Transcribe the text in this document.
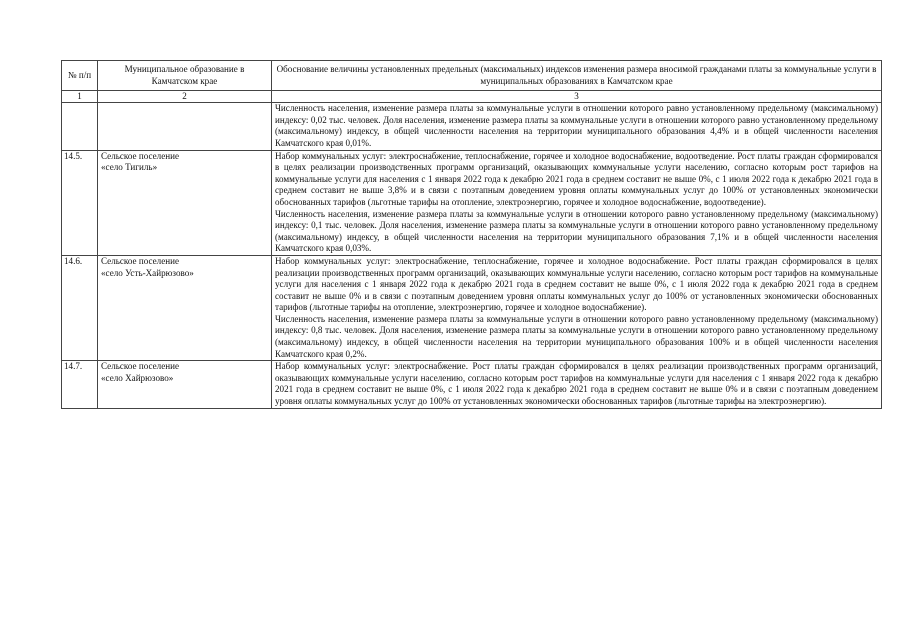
№ п/п	Муниципальное образование в Камчатском крае	Обоснование величины установленных предельных (максимальных) индексов изменения размера вносимой гражданами платы за коммунальные услуги в муниципальных образованиях в Камчатском крае
1	2	3

		Численность населения, изменение размера платы за коммунальные услуги в отношении которого равно установленному предельному (максимальному) индексу: 0,02 тыс. человек. Доля населения, изменение размера платы за коммунальные услуги в отношении которого равно установленному предельному (максимальному) индексу, в общей численности населения на территории муниципального образования 4,4% и в общей численности населения Камчатского края 0,01%.

14.5.	Сельское поселение
«село Тигиль»	Набор коммунальных услуг: электроснабжение, теплоснабжение, горячее и холодное водоснабжение, водоотведение. Рост платы граждан сформировался в целях реализации производственных программ организаций, оказывающих коммунальные услуги населению, согласно которым рост тарифов на коммунальные услуги для населения с 1 января 2022 года к декабрю 2021 года в среднем составит не выше 0%, с 1 июля 2022 года к декабрю 2021 года в среднем составит не выше 3,8% и в связи с поэтапным доведением уровня оплаты коммунальных услуг до 100% от установленных экономически обоснованных тарифов (льготные тарифы на отопление, электроэнергию, горячее и холодное водоснабжение, водоотведение).
Численность населения, изменение размера платы за коммунальные услуги в отношении которого равно установленному предельному (максимальному) индексу: 0,1 тыс. человек. Доля населения, изменение размера платы за коммунальные услуги в отношении которого равно установленному предельному (максимальному) индексу, в общей численности населения на территории муниципального образования 7,1% и в общей численности населения Камчатского края 0,03%.

14.6.	Сельское поселение
«село Усть-Хайрюзово»	Набор коммунальных услуг: электроснабжение, теплоснабжение, горячее и холодное водоснабжение. Рост платы граждан сформировался в целях реализации производственных программ организаций, оказывающих коммунальные услуги населению, согласно которым рост тарифов на коммунальные услуги для населения с 1 января 2022 года к декабрю 2021 года в среднем составит не выше 0%, с 1 июля 2022 года к декабрю 2021 года в среднем составит не выше 0% и в связи с поэтапным доведением уровня оплаты коммунальных услуг до 100% от установленных экономически обоснованных тарифов (льготные тарифы на отопление, электроэнергию, горячее и холодное водоснабжение).
Численность населения, изменение размера платы за коммунальные услуги в отношении которого равно установленному предельному (максимальному) индексу: 0,8 тыс. человек. Доля населения, изменение размера платы за коммунальные услуги в отношении которого равно установленному предельному (максимальному) индексу, в общей численности населения на территории муниципального образования 100% и в общей численности населения Камчатского края 0,2%.

14.7.	Сельское поселение
«село Хайрюзово»	Набор коммунальных услуг: электроснабжение. Рост платы граждан сформировался в целях реализации производственных программ организаций, оказывающих коммунальные услуги населению, согласно которым рост тарифов на коммунальные услуги для населения с 1 января 2022 года к декабрю 2021 года в среднем составит не выше 0%, с 1 июля 2022 года к декабрю 2021 года в среднем составит не выше 0% и в связи с поэтапным доведением уровня оплаты коммунальных услуг до 100% от установленных экономически обоснованных тарифов (льготные тарифы на электроэнергию).
